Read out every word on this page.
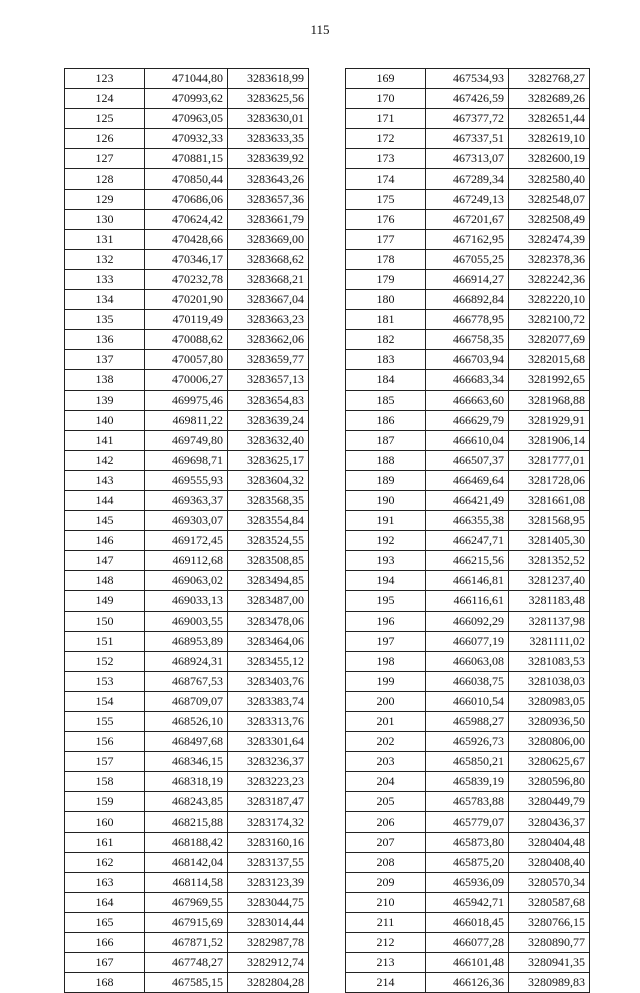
115
123	471044,80	3283618,99
124	470993,62	3283625,56
125	470963,05	3283630,01
126	470932,33	3283633,35
127	470881,15	3283639,92
128	470850,44	3283643,26
129	470686,06	3283657,36
130	470624,42	3283661,79
131	470428,66	3283669,00
132	470346,17	3283668,62
133	470232,78	3283668,21
134	470201,90	3283667,04
135	470119,49	3283663,23
136	470088,62	3283662,06
137	470057,80	3283659,77
138	470006,27	3283657,13
139	469975,46	3283654,83
140	469811,22	3283639,24
141	469749,80	3283632,40
142	469698,71	3283625,17
143	469555,93	3283604,32
144	469363,37	3283568,35
145	469303,07	3283554,84
146	469172,45	3283524,55
147	469112,68	3283508,85
148	469063,02	3283494,85
149	469033,13	3283487,00
150	469003,55	3283478,06
151	468953,89	3283464,06
152	468924,31	3283455,12
153	468767,53	3283403,76
154	468709,07	3283383,74
155	468526,10	3283313,76
156	468497,68	3283301,64
157	468346,15	3283236,37
158	468318,19	3283223,23
159	468243,85	3283187,47
160	468215,88	3283174,32
161	468188,42	3283160,16
162	468142,04	3283137,55
163	468114,58	3283123,39
164	467969,55	3283044,75
165	467915,69	3283014,44
166	467871,52	3282987,78
167	467748,27	3282912,74
168	467585,15	3282804,28
169	467534,93	3282768,27
170	467426,59	3282689,26
171	467377,72	3282651,44
172	467337,51	3282619,10
173	467313,07	3282600,19
174	467289,34	3282580,40
175	467249,13	3282548,07
176	467201,67	3282508,49
177	467162,95	3282474,39
178	467055,25	3282378,36
179	466914,27	3282242,36
180	466892,84	3282220,10
181	466778,95	3282100,72
182	466758,35	3282077,69
183	466703,94	3282015,68
184	466683,34	3281992,65
185	466663,60	3281968,88
186	466629,79	3281929,91
187	466610,04	3281906,14
188	466507,37	3281777,01
189	466469,64	3281728,06
190	466421,49	3281661,08
191	466355,38	3281568,95
192	466247,71	3281405,30
193	466215,56	3281352,52
194	466146,81	3281237,40
195	466116,61	3281183,48
196	466092,29	3281137,98
197	466077,19	3281111,02
198	466063,08	3281083,53
199	466038,75	3281038,03
200	466010,54	3280983,05
201	465988,27	3280936,50
202	465926,73	3280806,00
203	465850,21	3280625,67
204	465839,19	3280596,80
205	465783,88	3280449,79
206	465779,07	3280436,37
207	465873,80	3280404,48
208	465875,20	3280408,40
209	465936,09	3280570,34
210	465942,71	3280587,68
211	466018,45	3280766,15
212	466077,28	3280890,77
213	466101,48	3280941,35
214	466126,36	3280989,83
